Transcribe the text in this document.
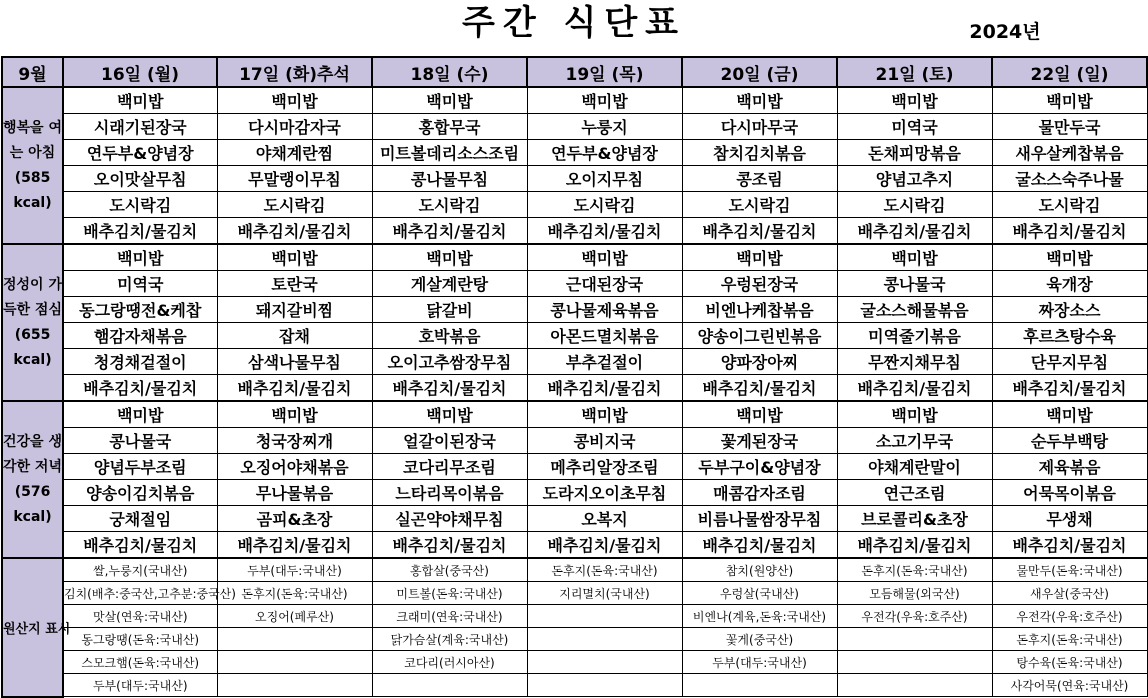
주간 식단표	2024년
9월	16일 (월)	17일 (화)추석	18일 (수)	19일 (목)	20일 (금)	21일 (토)	22일 (일)
행복을 여는 아침 (585 kcal)	백미밥	백미밥	백미밥	백미밥	백미밥	백미밥	백미밥
	시래기된장국	다시마감자국	홍합무국	누룽지	다시마무국	미역국	물만두국
	연두부&양념장	야채계란찜	미트볼데리소스조림	연두부&양념장	참치김치볶음	돈채피망볶음	새우살케찹볶음
	오이맛살무침	무말랭이무침	콩나물무침	오이지무침	콩조림	양념고추지	굴소스숙주나물
	도시락김	도시락김	도시락김	도시락김	도시락김	도시락김	도시락김
	배추김치/물김치	배추김치/물김치	배추김치/물김치	배추김치/물김치	배추김치/물김치	배추김치/물김치	배추김치/물김치
정성이 가득한 점심 (655 kcal)	백미밥	백미밥	백미밥	백미밥	백미밥	백미밥	백미밥
	미역국	토란국	게살계란탕	근대된장국	우렁된장국	콩나물국	육개장
	동그랑땡전&케찹	돼지갈비찜	닭갈비	콩나물제육볶음	비엔나케찹볶음	굴소스해물볶음	짜장소스
	햄감자채볶음	잡채	호박볶음	아몬드멸치볶음	양송이그린빈볶음	미역줄기볶음	후르츠탕수육
	청경채겉절이	삼색나물무침	오이고추쌈장무침	부추겉절이	양파장아찌	무짠지채무침	단무지무침
	배추김치/물김치	배추김치/물김치	배추김치/물김치	배추김치/물김치	배추김치/물김치	배추김치/물김치	배추김치/물김치
건강을 생각한 저녁 (576 kcal)	백미밥	백미밥	백미밥	백미밥	백미밥	백미밥	백미밥
	콩나물국	청국장찌개	얼갈이된장국	콩비지국	꽃게된장국	소고기무국	순두부백탕
	양념두부조림	오징어야채볶음	코다리무조림	메추리알장조림	두부구이&양념장	야채계란말이	제육볶음
	양송이김치볶음	무나물볶음	느타리목이볶음	도라지오이초무침	매콤감자조림	연근조림	어묵목이볶음
	궁채절임	곰피&초장	실곤약야채무침	오복지	비름나물쌈장무침	브로콜리&초장	무생채
	배추김치/물김치	배추김치/물김치	배추김치/물김치	배추김치/물김치	배추김치/물김치	배추김치/물김치	배추김치/물김치
원산지 표시	쌀,누룽지(국내산)	두부(대두:국내산)	홍합살(중국산)	돈후지(돈육:국내산)	참치(원양산)	돈후지(돈육:국내산)	물만두(돈육:국내산)
	김치(배추:중국산,고추분:중국산)	돈후지(돈육:국내산)	미트볼(돈육:국내산)	지리멸치(국내산)	우렁살(국내산)	모듬해물(외국산)	새우살(중국산)
	맛살(연육:국내산)	오징어(페루산)	크래미(연육:국내산)		비엔나(계육,돈육:국내산)	우전각(우육:호주산)	우전각(우육:호주산)
	동그랑땡(돈육:국내산)		닭가슴살(계육:국내산)		꽃게(중국산)		돈후지(돈육:국내산)
	스모크햄(돈육:국내산)		코다리(러시아산)		두부(대두:국내산)		탕수육(돈육:국내산)
	두부(대두:국내산)						사각어묵(연육:국내산)
